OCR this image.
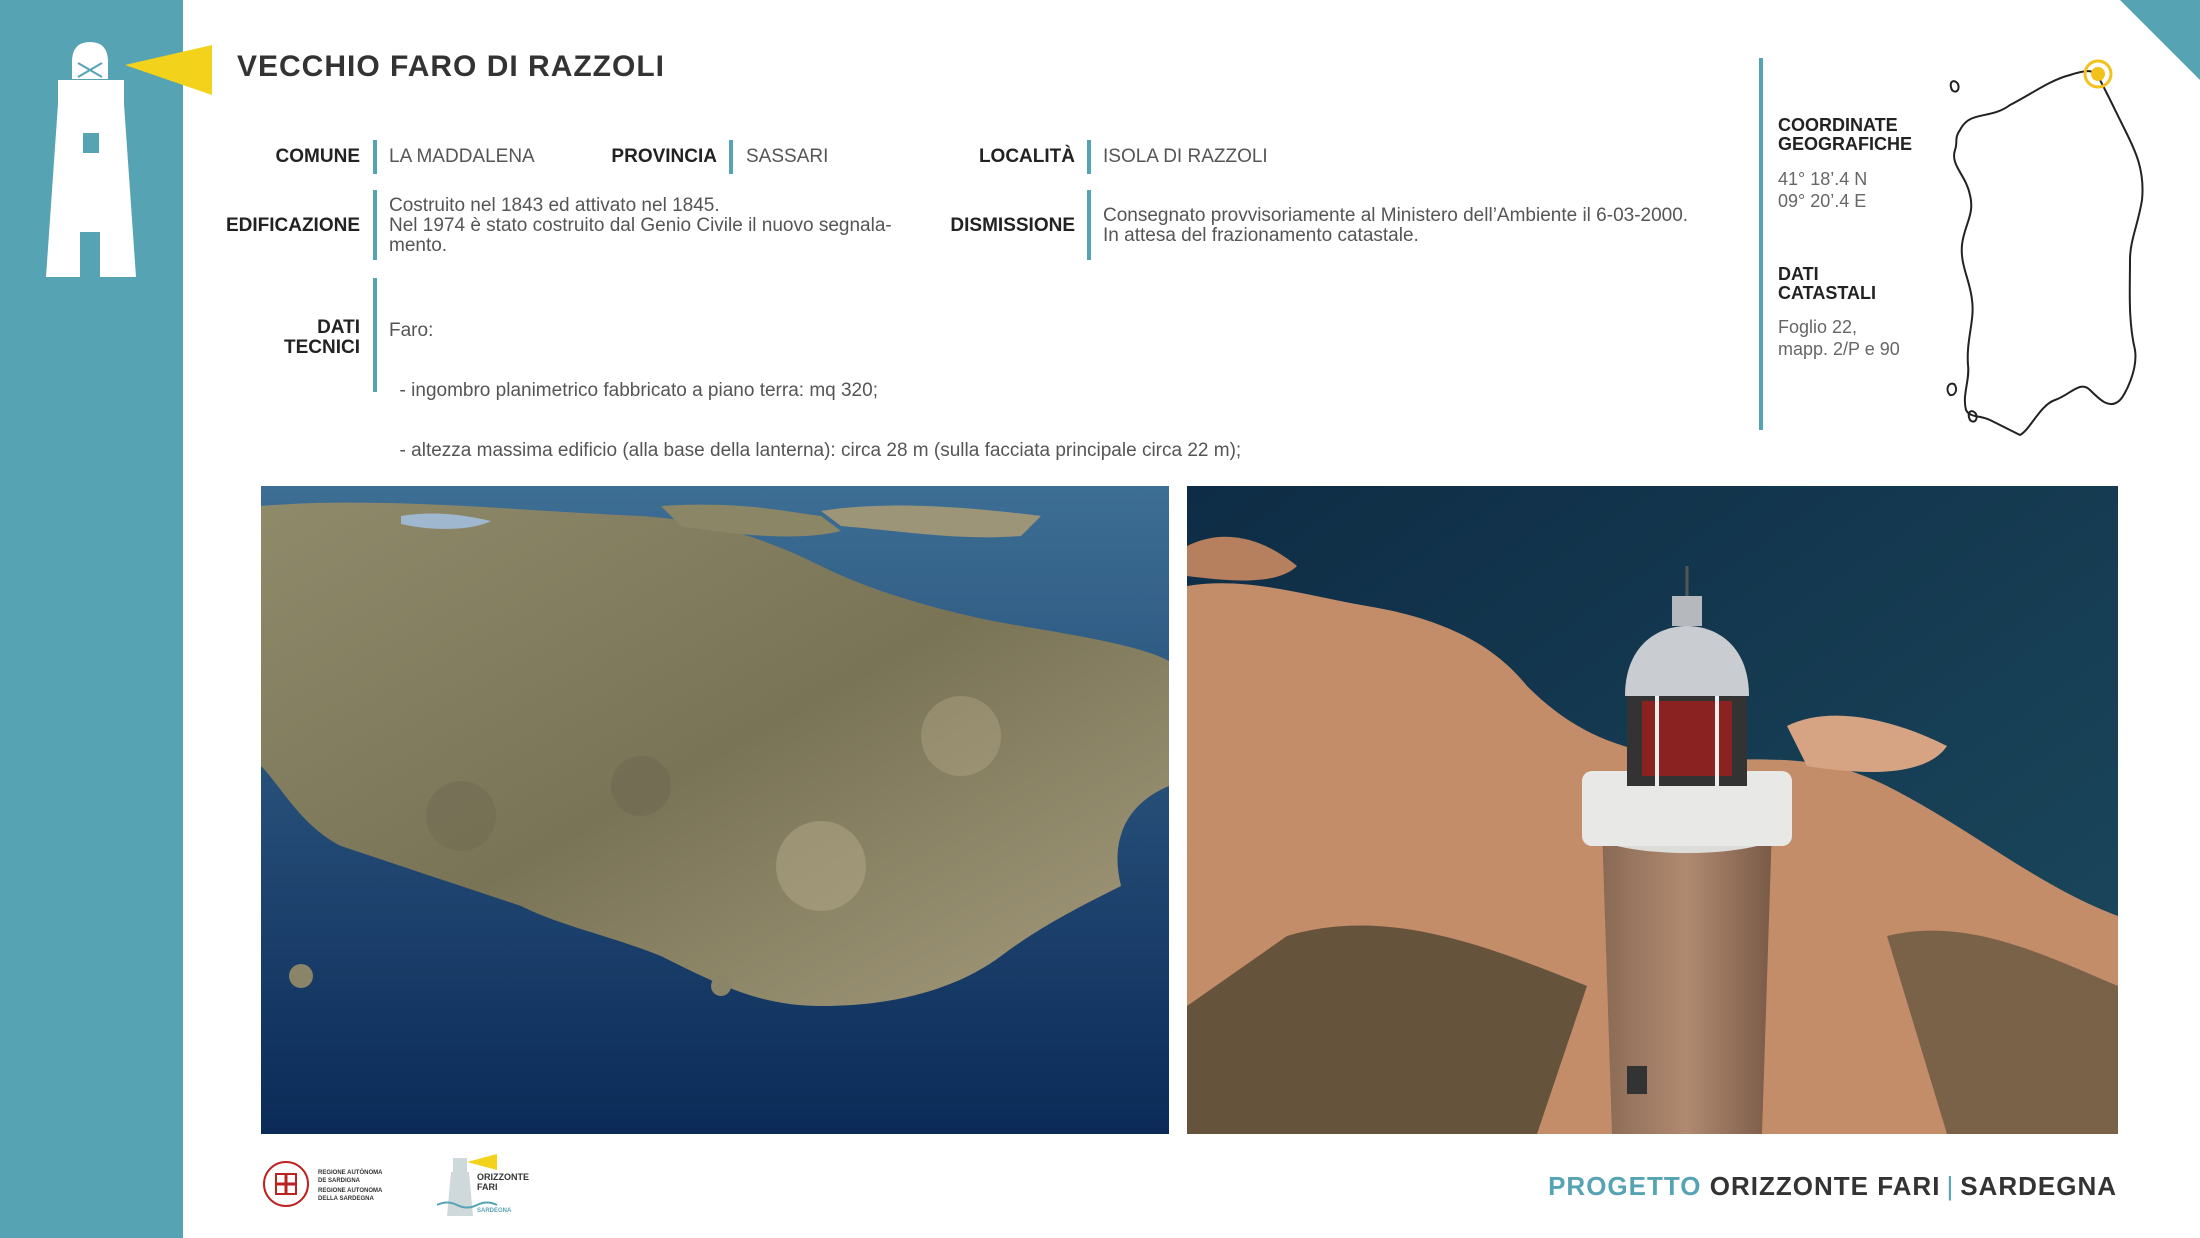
VECCHIO FARO DI RAZZOLI
COMUNE LA MADDALENA	PROVINCIA SASSARI	LOCALITÀ ISOLA DI RAZZOLI
EDIFICAZIONE
Costruito nel 1843 ed attivato nel 1845.
Nel 1974 è stato costruito dal Genio Civile il nuovo segnala-
mento.
DISMISSIONE Consegnato provvisoriamente al Ministero dell’Ambiente il 6-03-2000.
In attesa del frazionamento catastale.
DATI
TECNICI

Faro:

- ingombro planimetrico fabbricato a piano terra: mq 320;

- altezza massima edificio (alla base della lanterna): circa 28 m (sulla facciata principale circa 22 m);

COORDINATE
GEOGRAFICHE
41° 18’.4 N
09° 20’.4 E
DATI
CATASTALI
Foglio 22,
mapp. 2/P e 90
REGIONE AUTÒNOMA
DE SARDIGNA
REGIONE AUTONOMA
DELLA SARDEGNA
ORIZZONTE
FARI
SARDEGNA
PROGETTO ORIZZONTE FARI | SARDEGNA
